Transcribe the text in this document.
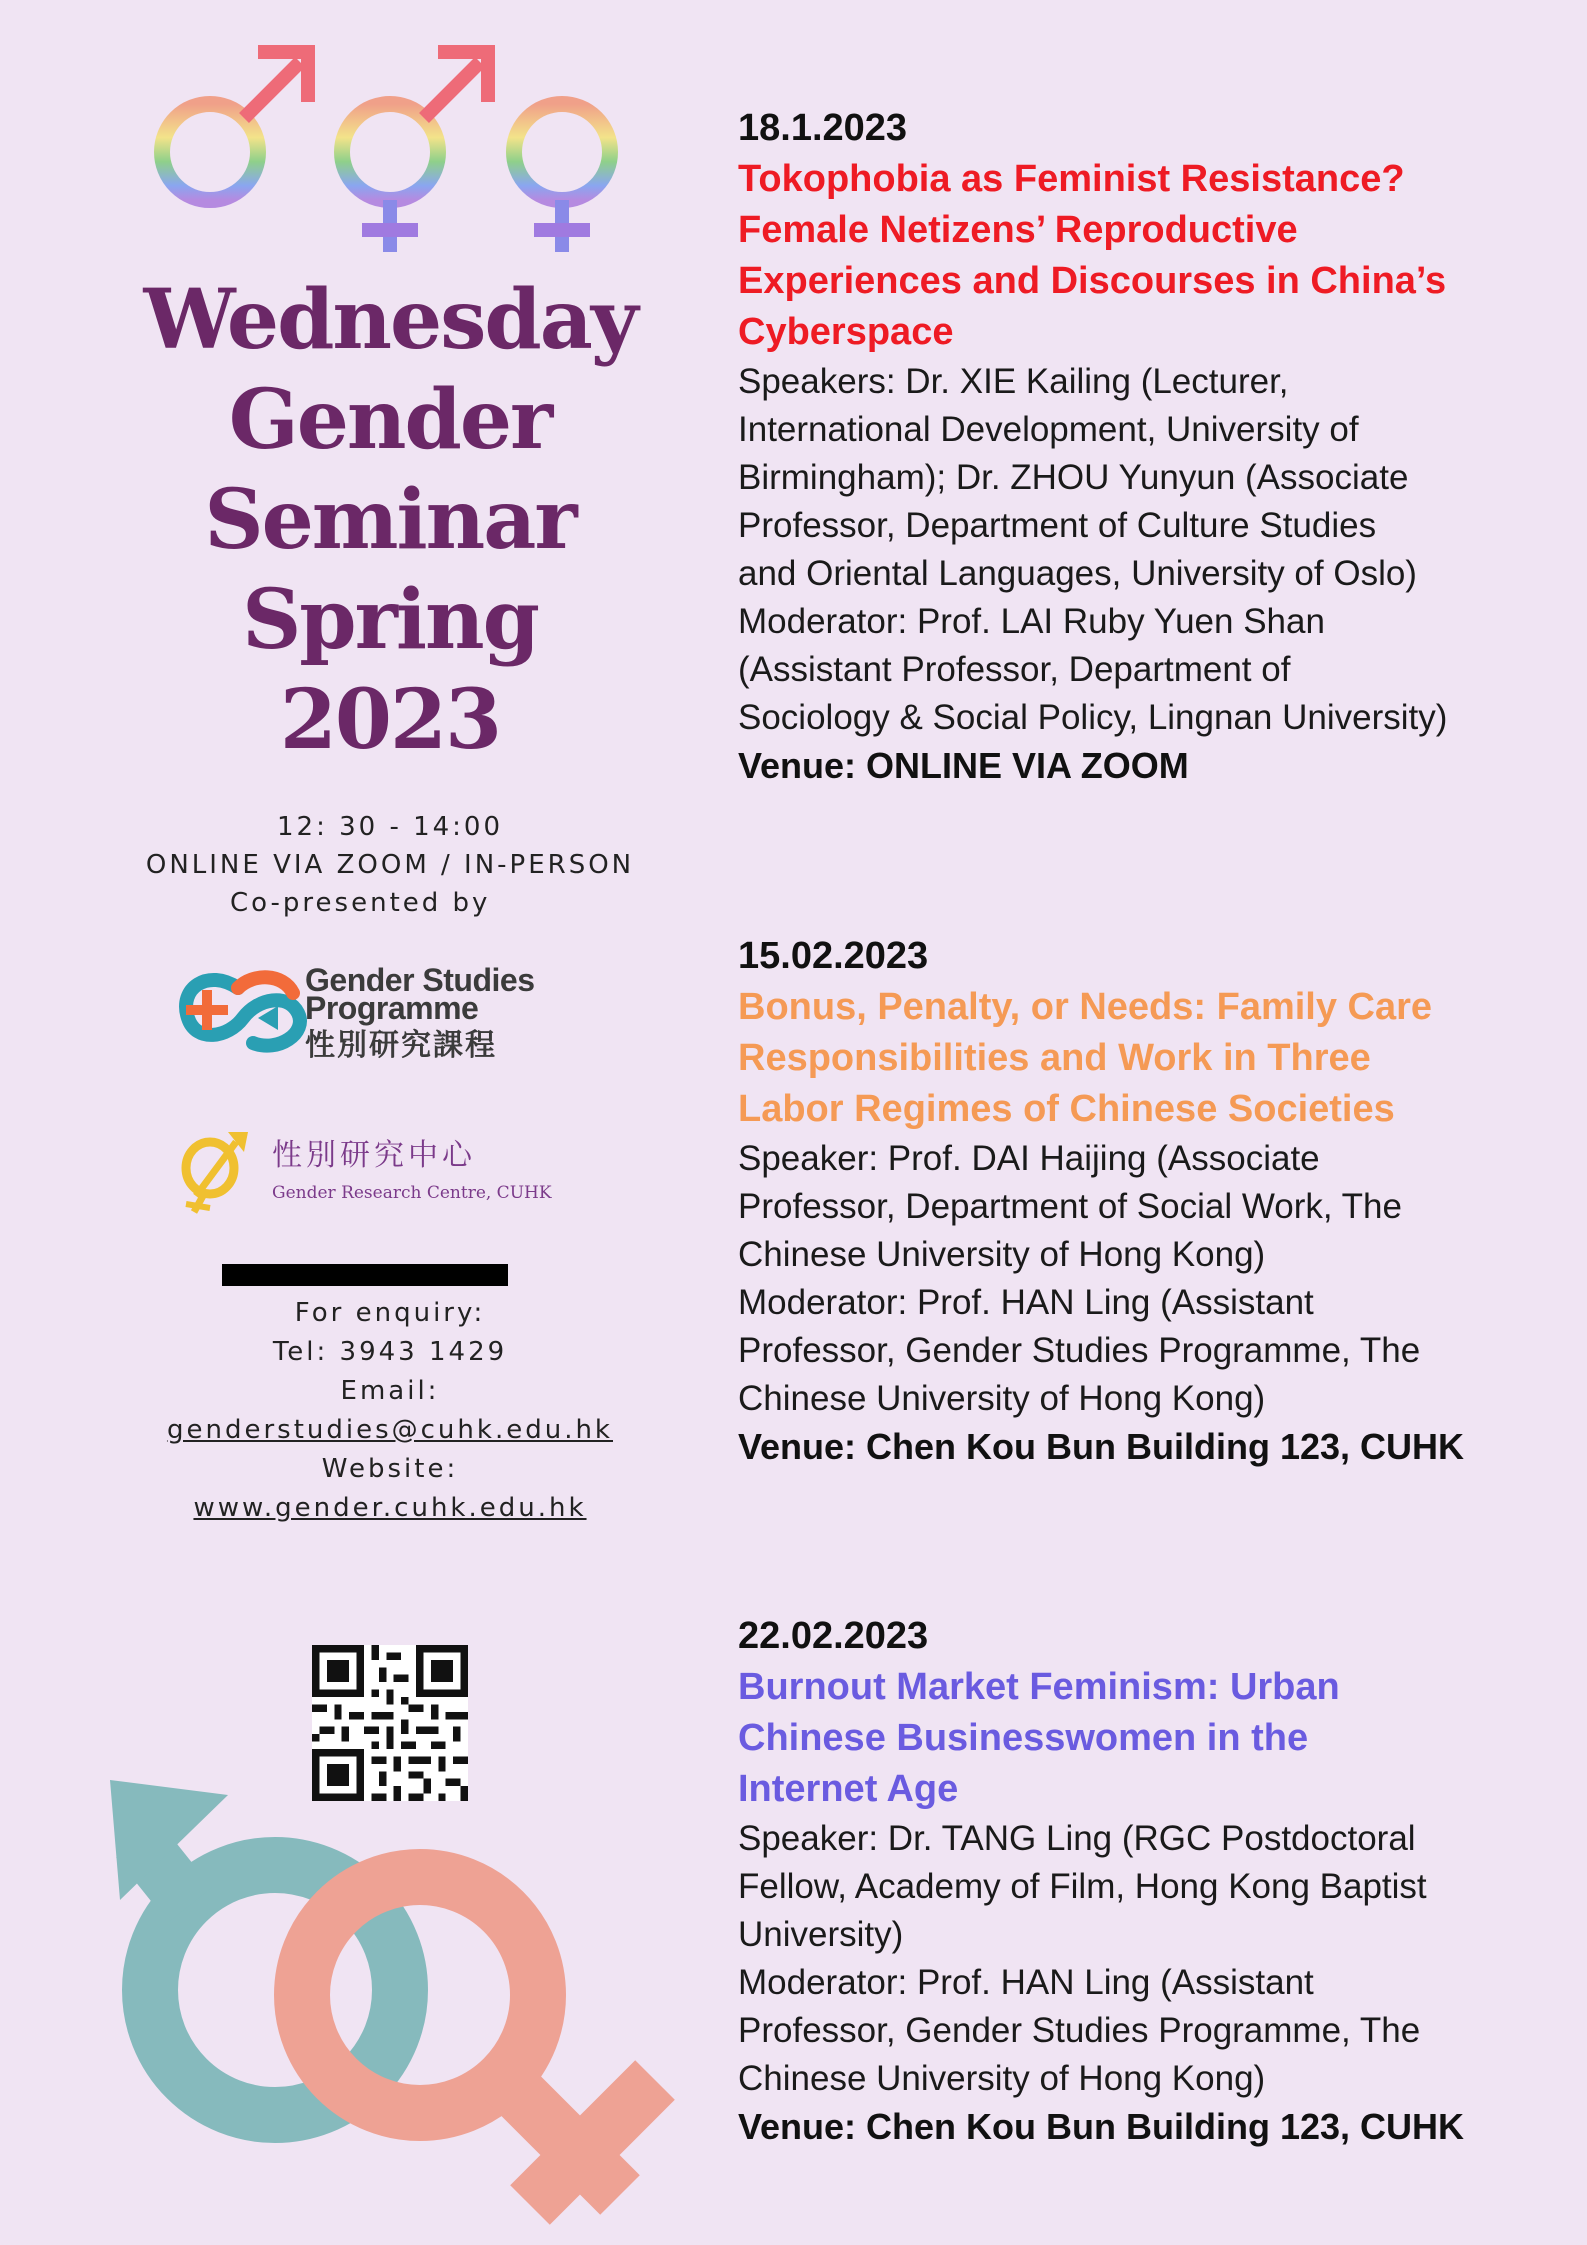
Wednesday
Gender
Seminar
Spring
2023
12: 30 - 14:00
ONLINE VIA ZOOM / IN-PERSON
Co-presented by
Gender Studies
Programme
性別研究課程
性別研究中心
Gender Research Centre, CUHK
For enquiry:
Tel: 3943 1429
Email:
genderstudies@cuhk.edu.hk
Website:
www.gender.cuhk.edu.hk
18.1.2023
Tokophobia as Feminist Resistance?
Female Netizens’ Reproductive
Experiences and Discourses in China’s
Cyberspace
Speakers: Dr. XIE Kailing (Lecturer,
International Development, University of
Birmingham); Dr. ZHOU Yunyun (Associate
Professor, Department of Culture Studies
and Oriental Languages, University of Oslo)
Moderator: Prof. LAI Ruby Yuen Shan
(Assistant Professor, Department of
Sociology & Social Policy, Lingnan University)
Venue: ONLINE VIA ZOOM
15.02.2023
Bonus, Penalty, or Needs: Family Care
Responsibilities and Work in Three
Labor Regimes of Chinese Societies
Speaker: Prof. DAI Haijing (Associate
Professor, Department of Social Work, The
Chinese University of Hong Kong)
Moderator: Prof. HAN Ling (Assistant
Professor, Gender Studies Programme, The
Chinese University of Hong Kong)
Venue: Chen Kou Bun Building 123, CUHK
22.02.2023
Burnout Market Feminism: Urban
Chinese Businesswomen in the
Internet Age
Speaker: Dr. TANG Ling (RGC Postdoctoral
Fellow, Academy of Film, Hong Kong Baptist
University)
Moderator: Prof. HAN Ling (Assistant
Professor, Gender Studies Programme, The
Chinese University of Hong Kong)
Venue: Chen Kou Bun Building 123, CUHK
